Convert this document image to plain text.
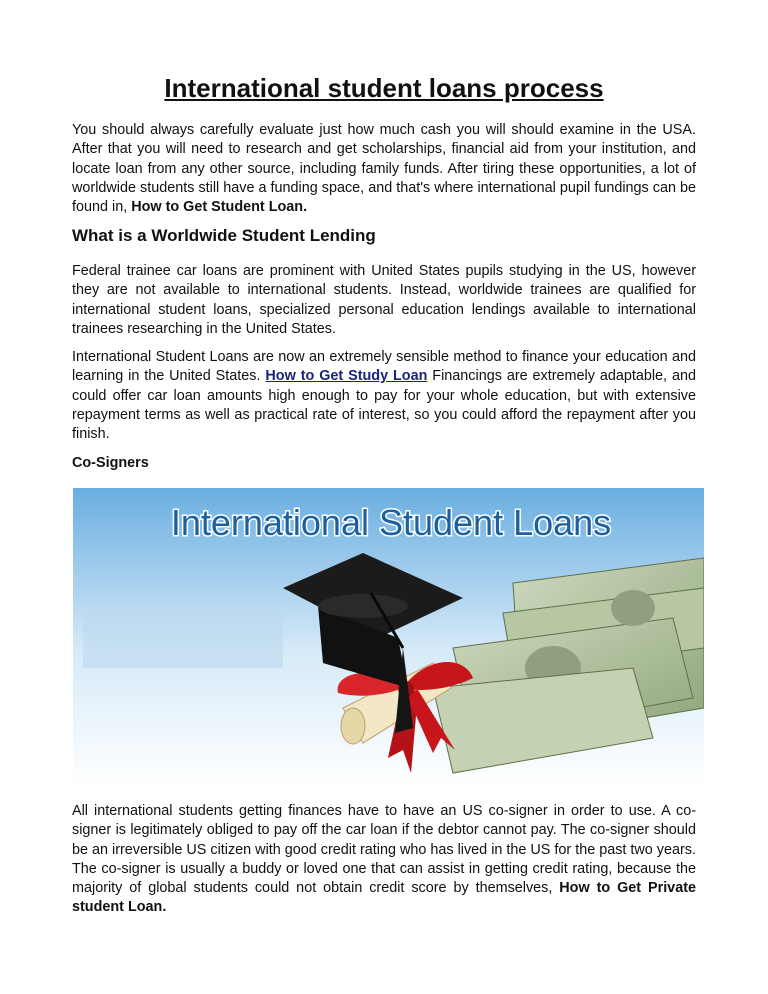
International student loans process

You should always carefully evaluate just how much cash you will should examine in the USA. After that you will need to research and get scholarships, financial aid from your institution, and locate loan from any other source, including family funds. After tiring these opportunities, a lot of worldwide students still have a funding space, and that's where international pupil fundings can be found in, How to Get Student Loan.

What is a Worldwide Student Lending

Federal trainee car loans are prominent with United States pupils studying in the US, however they are not available to international students. Instead, worldwide trainees are qualified for international student loans, specialized personal education lendings available to international trainees researching in the United States.

International Student Loans are now an extremely sensible method to finance your education and learning in the United States. How to Get Study Loan Financings are extremely adaptable, and could offer car loan amounts high enough to pay for your whole education, but with extensive repayment terms as well as practical rate of interest, so you could afford the repayment after you finish.

Co-Signers
International Student Loans

All international students getting finances have to have an US co-signer in order to use. A co-signer is legitimately obliged to pay off the car loan if the debtor cannot pay. The co-signer should be an irreversible US citizen with good credit rating who has lived in the US for the past two years. The co-signer is usually a buddy or loved one that can assist in getting credit rating, because the majority of global students could not obtain credit score by themselves, How to Get Private student Loan.
